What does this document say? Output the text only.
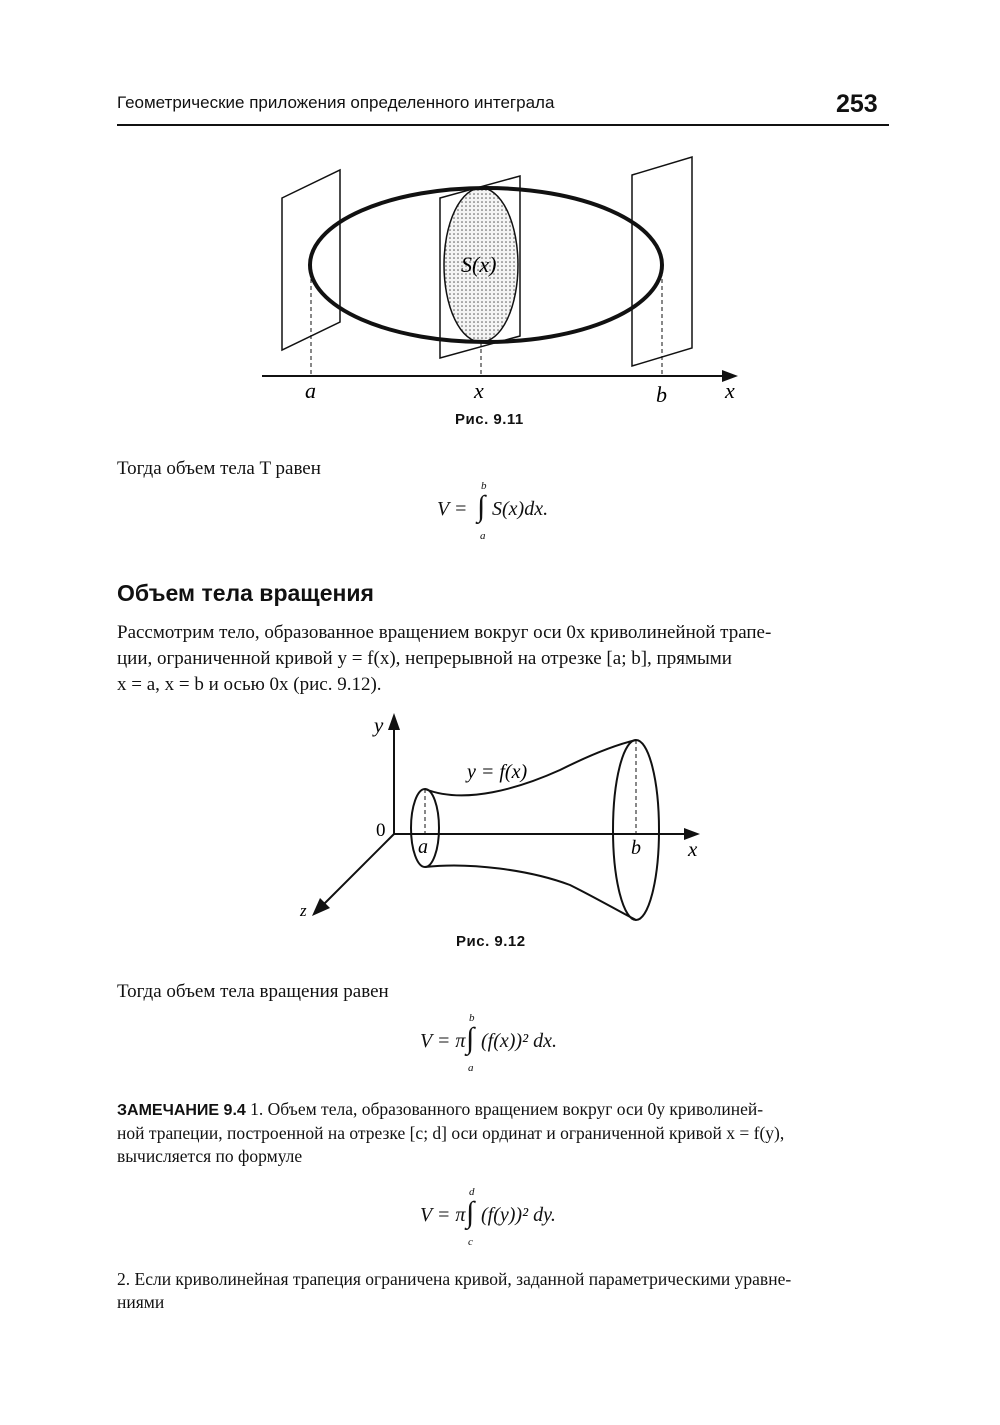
Геометрические приложения определенного интеграла	253
S(x)
a	x	b	x
Рис. 9.11
Тогда объем тела T равен
V =
b
∫
a
S(x)dx.
Объем тела вращения
Рассмотрим тело, образованное вращением вокруг оси 0x криволинейной трапе-
ции, ограниченной кривой y = f(x), непрерывной на отрезке [a; b], прямыми
x = a, x = b и осью 0x (рис. 9.12).
y
0
x
z
a	b
y = f(x)
Рис. 9.12
Тогда объем тела вращения равен
V = π
b
∫
a
(f(x))² dx.
ЗАМЕЧАНИЕ 9.4 1. Объем тела, образованного вращением вокруг оси 0y криволиней-
ной трапеции, построенной на отрезке [c; d] оси ординат и ограниченной кривой x = f(y),
вычисляется по формуле
V = π
d
∫
c
(f(y))² dy.
2. Если криволинейная трапеция ограничена кривой, заданной параметрическими уравне-
ниями
